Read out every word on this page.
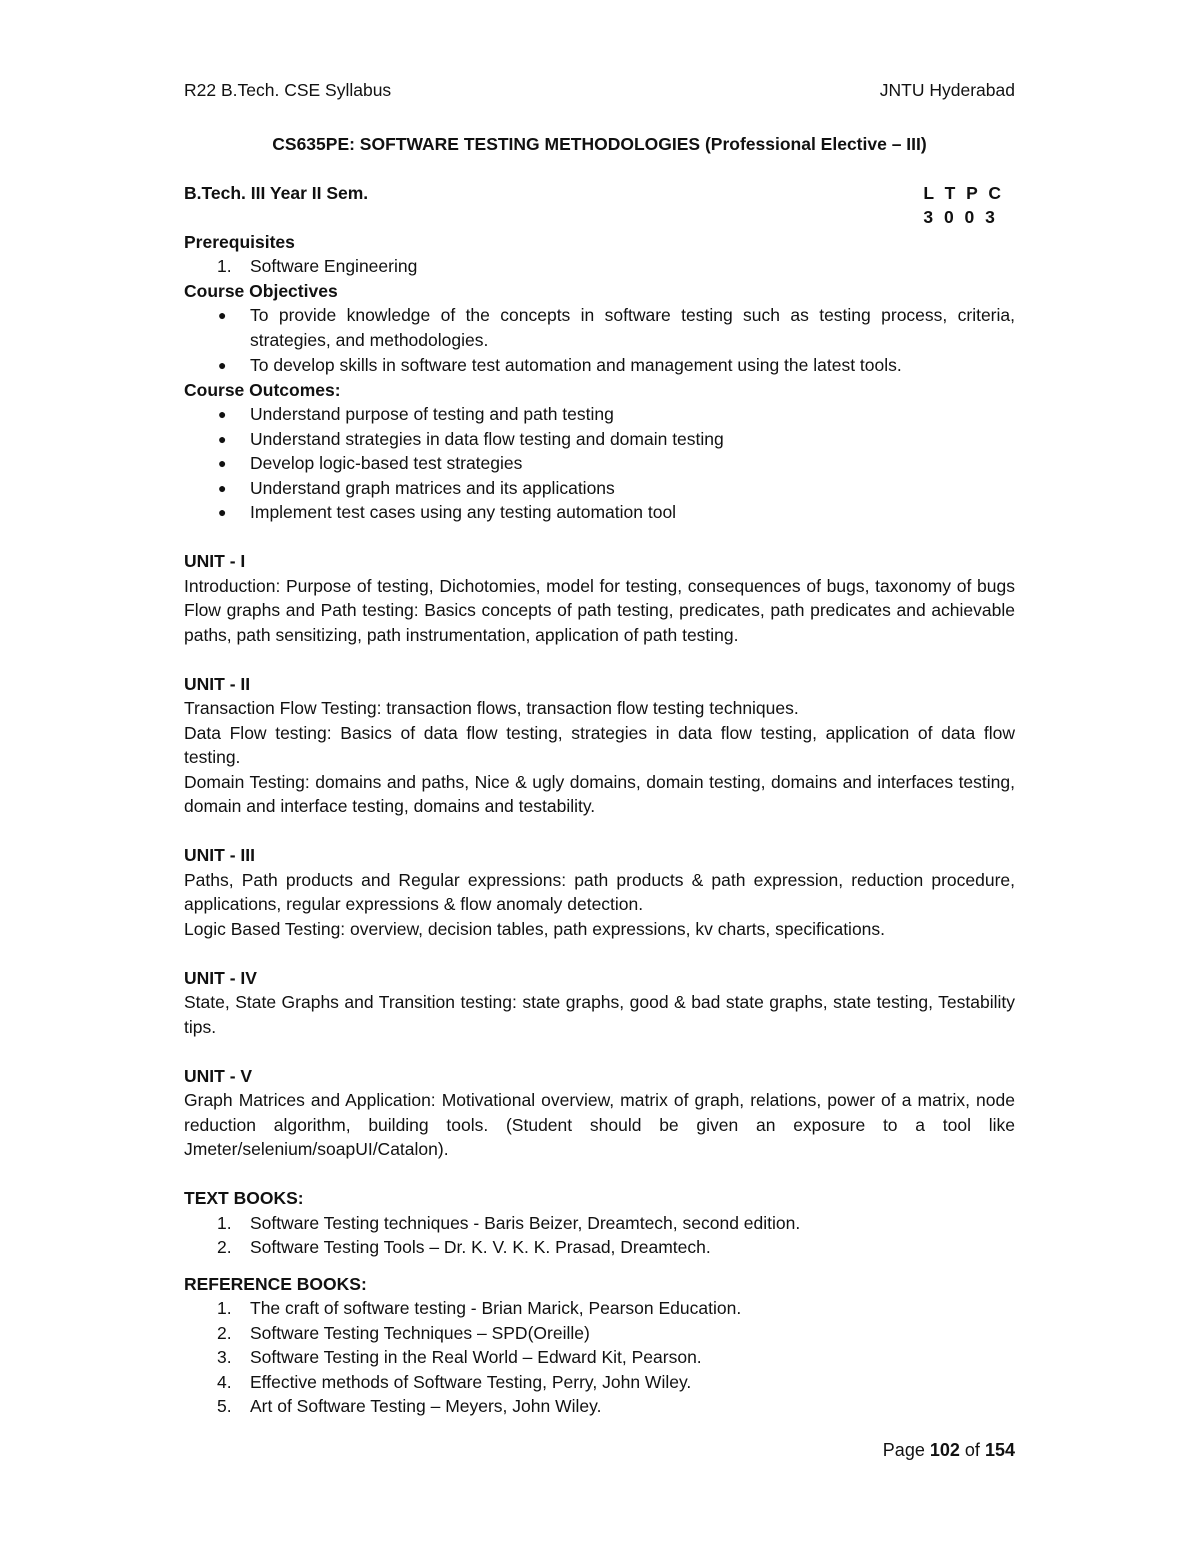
R22 B.Tech. CSE Syllabus	JNTU Hyderabad
CS635PE: SOFTWARE TESTING METHODOLOGIES (Professional Elective – III)
B.Tech. III Year II Sem.	L T P C
3 0 0 3
Prerequisites
1. Software Engineering
Course Objectives
● To provide knowledge of the concepts in software testing such as testing process, criteria, strategies, and methodologies.
● To develop skills in software test automation and management using the latest tools.
Course Outcomes:
● Understand purpose of testing and path testing
● Understand strategies in data flow testing and domain testing
● Develop logic-based test strategies
● Understand graph matrices and its applications
● Implement test cases using any testing automation tool
UNIT - I
Introduction: Purpose of testing, Dichotomies, model for testing, consequences of bugs, taxonomy of bugs Flow graphs and Path testing: Basics concepts of path testing, predicates, path predicates and achievable paths, path sensitizing, path instrumentation, application of path testing.
UNIT - II
Transaction Flow Testing: transaction flows, transaction flow testing techniques.
Data Flow testing: Basics of data flow testing, strategies in data flow testing, application of data flow testing.
Domain Testing: domains and paths, Nice & ugly domains, domain testing, domains and interfaces testing, domain and interface testing, domains and testability.
UNIT - III
Paths, Path products and Regular expressions: path products & path expression, reduction procedure, applications, regular expressions & flow anomaly detection.
Logic Based Testing: overview, decision tables, path expressions, kv charts, specifications.
UNIT - IV
State, State Graphs and Transition testing: state graphs, good & bad state graphs, state testing, Testability tips.
UNIT - V
Graph Matrices and Application: Motivational overview, matrix of graph, relations, power of a matrix, node reduction algorithm, building tools. (Student should be given an exposure to a tool like Jmeter/selenium/soapUI/Catalon).
TEXT BOOKS:
1. Software Testing techniques - Baris Beizer, Dreamtech, second edition.
2. Software Testing Tools – Dr. K. V. K. K. Prasad, Dreamtech.
REFERENCE BOOKS:
1. The craft of software testing - Brian Marick, Pearson Education.
2. Software Testing Techniques – SPD(Oreille)
3. Software Testing in the Real World – Edward Kit, Pearson.
4. Effective methods of Software Testing, Perry, John Wiley.
5. Art of Software Testing – Meyers, John Wiley.
Page 102 of 154
